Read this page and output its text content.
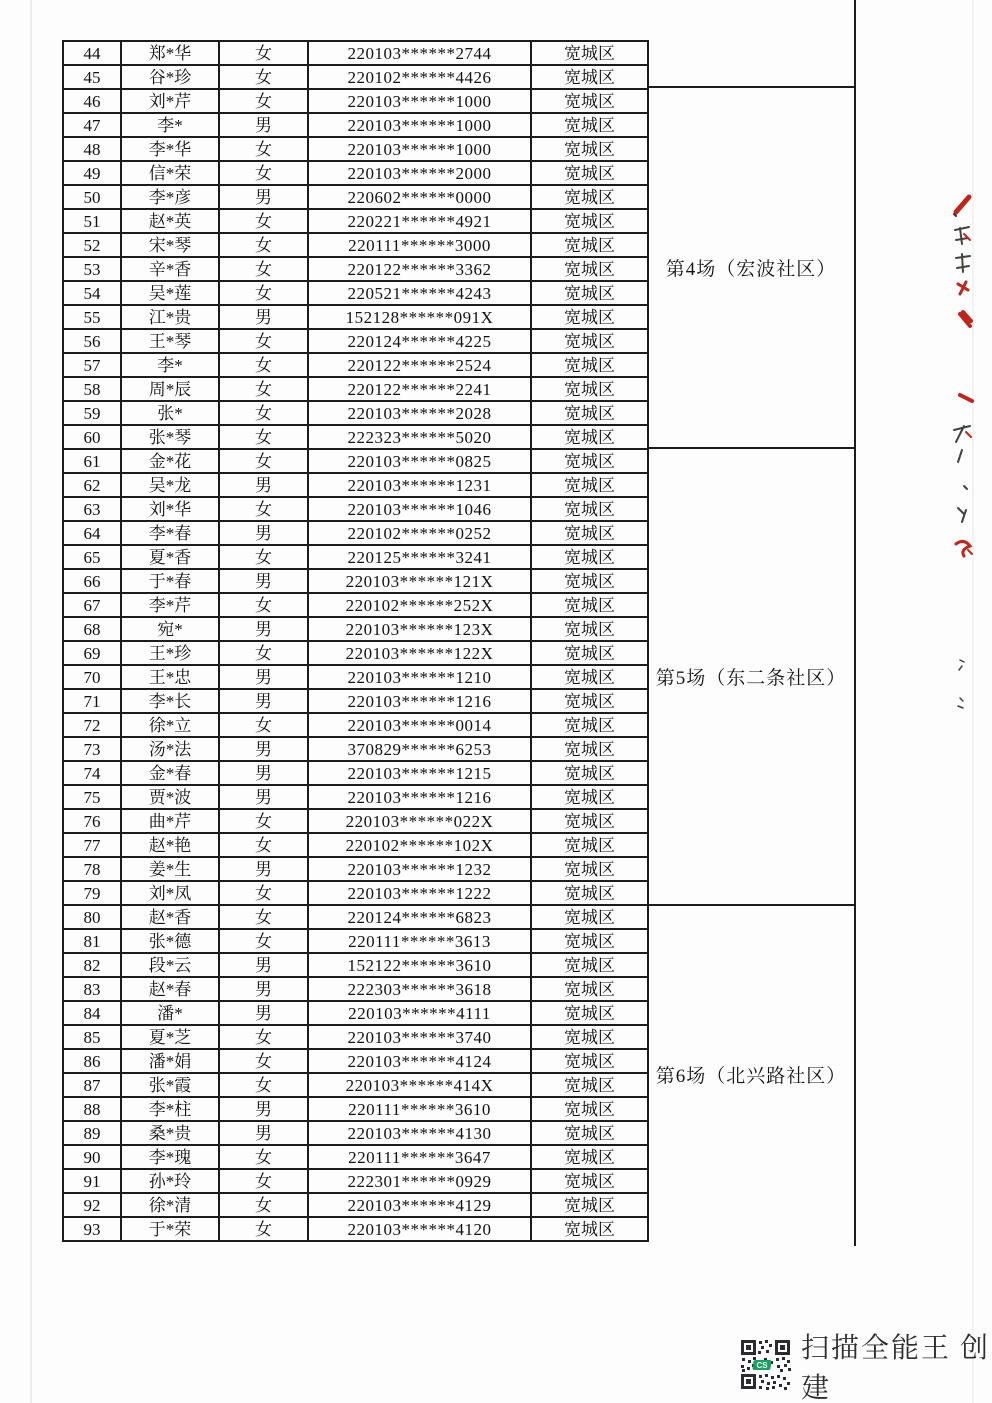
44	郑*华	女	220103******2744	宽城区
45	谷*珍	女	220102******4426	宽城区
46	刘*芹	女	220103******1000	宽城区
47	李*	男	220103******1000	宽城区
48	李*华	女	220103******1000	宽城区
49	信*荣	女	220103******2000	宽城区
50	李*彦	男	220602******0000	宽城区
51	赵*英	女	220221******4921	宽城区
52	宋*琴	女	220111******3000	宽城区
53	辛*香	女	220122******3362	宽城区
54	吴*莲	女	220521******4243	宽城区
55	江*贵	男	152128******091X	宽城区
56	王*琴	女	220124******4225	宽城区
57	李*	女	220122******2524	宽城区
58	周*辰	女	220122******2241	宽城区
59	张*	女	220103******2028	宽城区
60	张*琴	女	222323******5020	宽城区
61	金*花	女	220103******0825	宽城区
62	吴*龙	男	220103******1231	宽城区
63	刘*华	女	220103******1046	宽城区
64	李*春	男	220102******0252	宽城区
65	夏*香	女	220125******3241	宽城区
66	于*春	男	220103******121X	宽城区
67	李*芹	女	220102******252X	宽城区
68	宛*	男	220103******123X	宽城区
69	王*珍	女	220103******122X	宽城区
70	王*忠	男	220103******1210	宽城区
71	李*长	男	220103******1216	宽城区
72	徐*立	女	220103******0014	宽城区
73	汤*法	男	370829******6253	宽城区
74	金*春	男	220103******1215	宽城区
75	贾*波	男	220103******1216	宽城区
76	曲*芹	女	220103******022X	宽城区
77	赵*艳	女	220102******102X	宽城区
78	姜*生	男	220103******1232	宽城区
79	刘*凤	女	220103******1222	宽城区
80	赵*香	女	220124******6823	宽城区
81	张*德	女	220111******3613	宽城区
82	段*云	男	152122******3610	宽城区
83	赵*春	男	222303******3618	宽城区
84	潘*	男	220103******4111	宽城区
85	夏*芝	女	220103******3740	宽城区
86	潘*娟	女	220103******4124	宽城区
87	张*霞	女	220103******414X	宽城区
88	李*柱	男	220111******3610	宽城区
89	桑*贵	男	220103******4130	宽城区
90	李*瑰	女	220111******3647	宽城区
91	孙*玲	女	222301******0929	宽城区
92	徐*清	女	220103******4129	宽城区
93	于*荣	女	220103******4120	宽城区
第4场（宏波社区）
第5场（东二条社区）
第6场（北兴路社区）
CS
扫描全能王 创建
